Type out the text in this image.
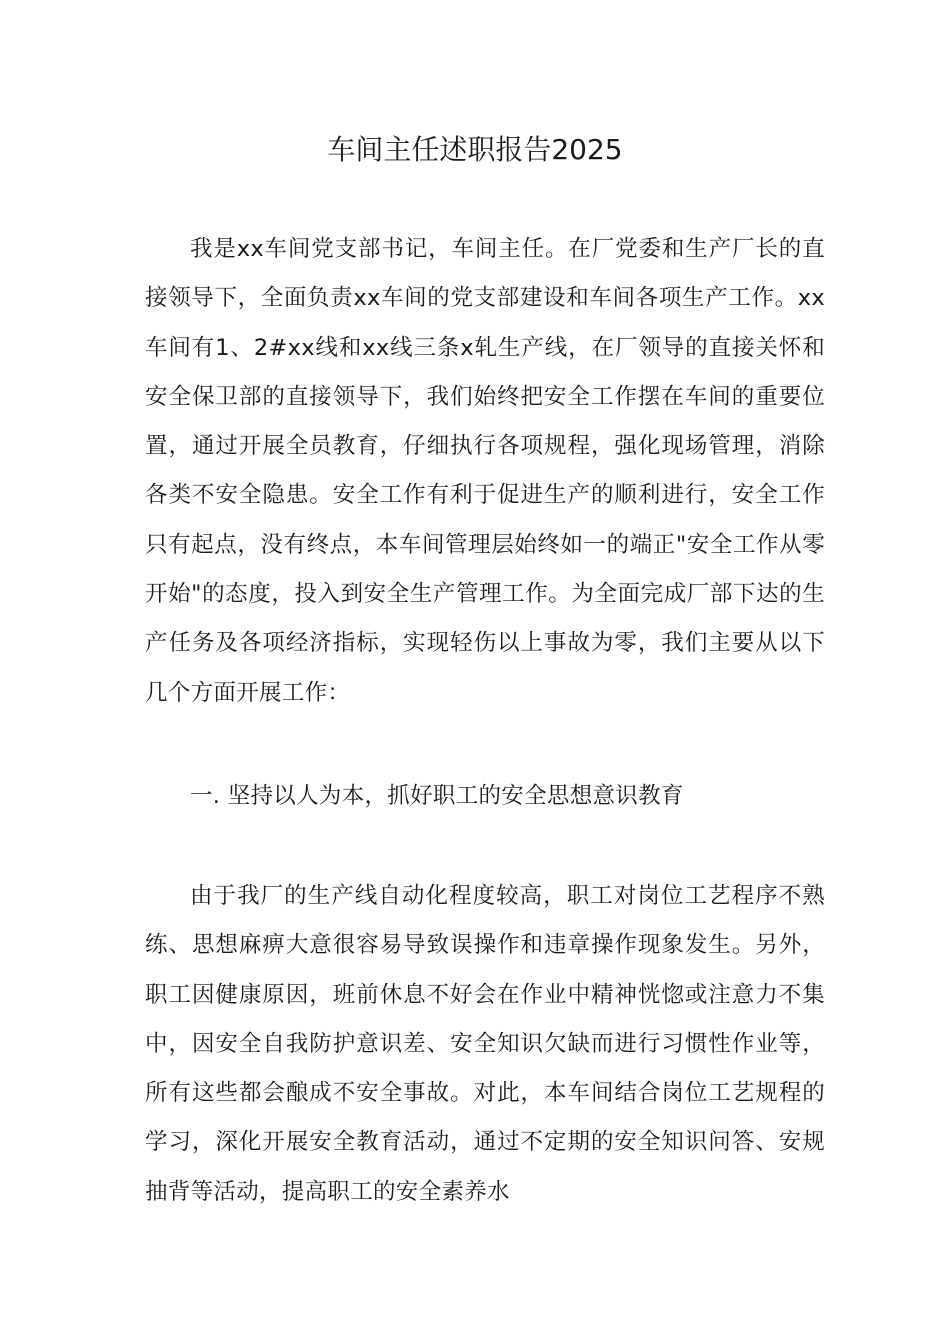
车间主任述职报告2025

我是xx车间党支部书记，车间主任。在厂党委和生产厂长的直接领导下，全面负责xx车间的党支部建设和车间各项生产工作。xx车间有1、2#xx线和xx线三条x轧生产线，在厂领导的直接关怀和安全保卫部的直接领导下，我们始终把安全工作摆在车间的重要位置，通过开展全员教育，仔细执行各项规程，强化现场管理，消除各类不安全隐患。安全工作有利于促进生产的顺利进行，安全工作只有起点，没有终点，本车间管理层始终如一的端正"安全工作从零开始"的态度，投入到安全生产管理工作。为全面完成厂部下达的生产任务及各项经济指标，实现轻伤以上事故为零，我们主要从以下几个方面开展工作：

一. 坚持以人为本，抓好职工的安全思想意识教育

由于我厂的生产线自动化程度较高，职工对岗位工艺程序不熟练、思想麻痹大意很容易导致误操作和违章操作现象发生。另外，职工因健康原因，班前休息不好会在作业中精神恍惚或注意力不集中，因安全自我防护意识差、安全知识欠缺而进行习惯性作业等，所有这些都会酿成不安全事故。对此，本车间结合岗位工艺规程的学习，深化开展安全教育活动，通过不定期的安全知识问答、安规抽背等活动，提高职工的安全素养水
